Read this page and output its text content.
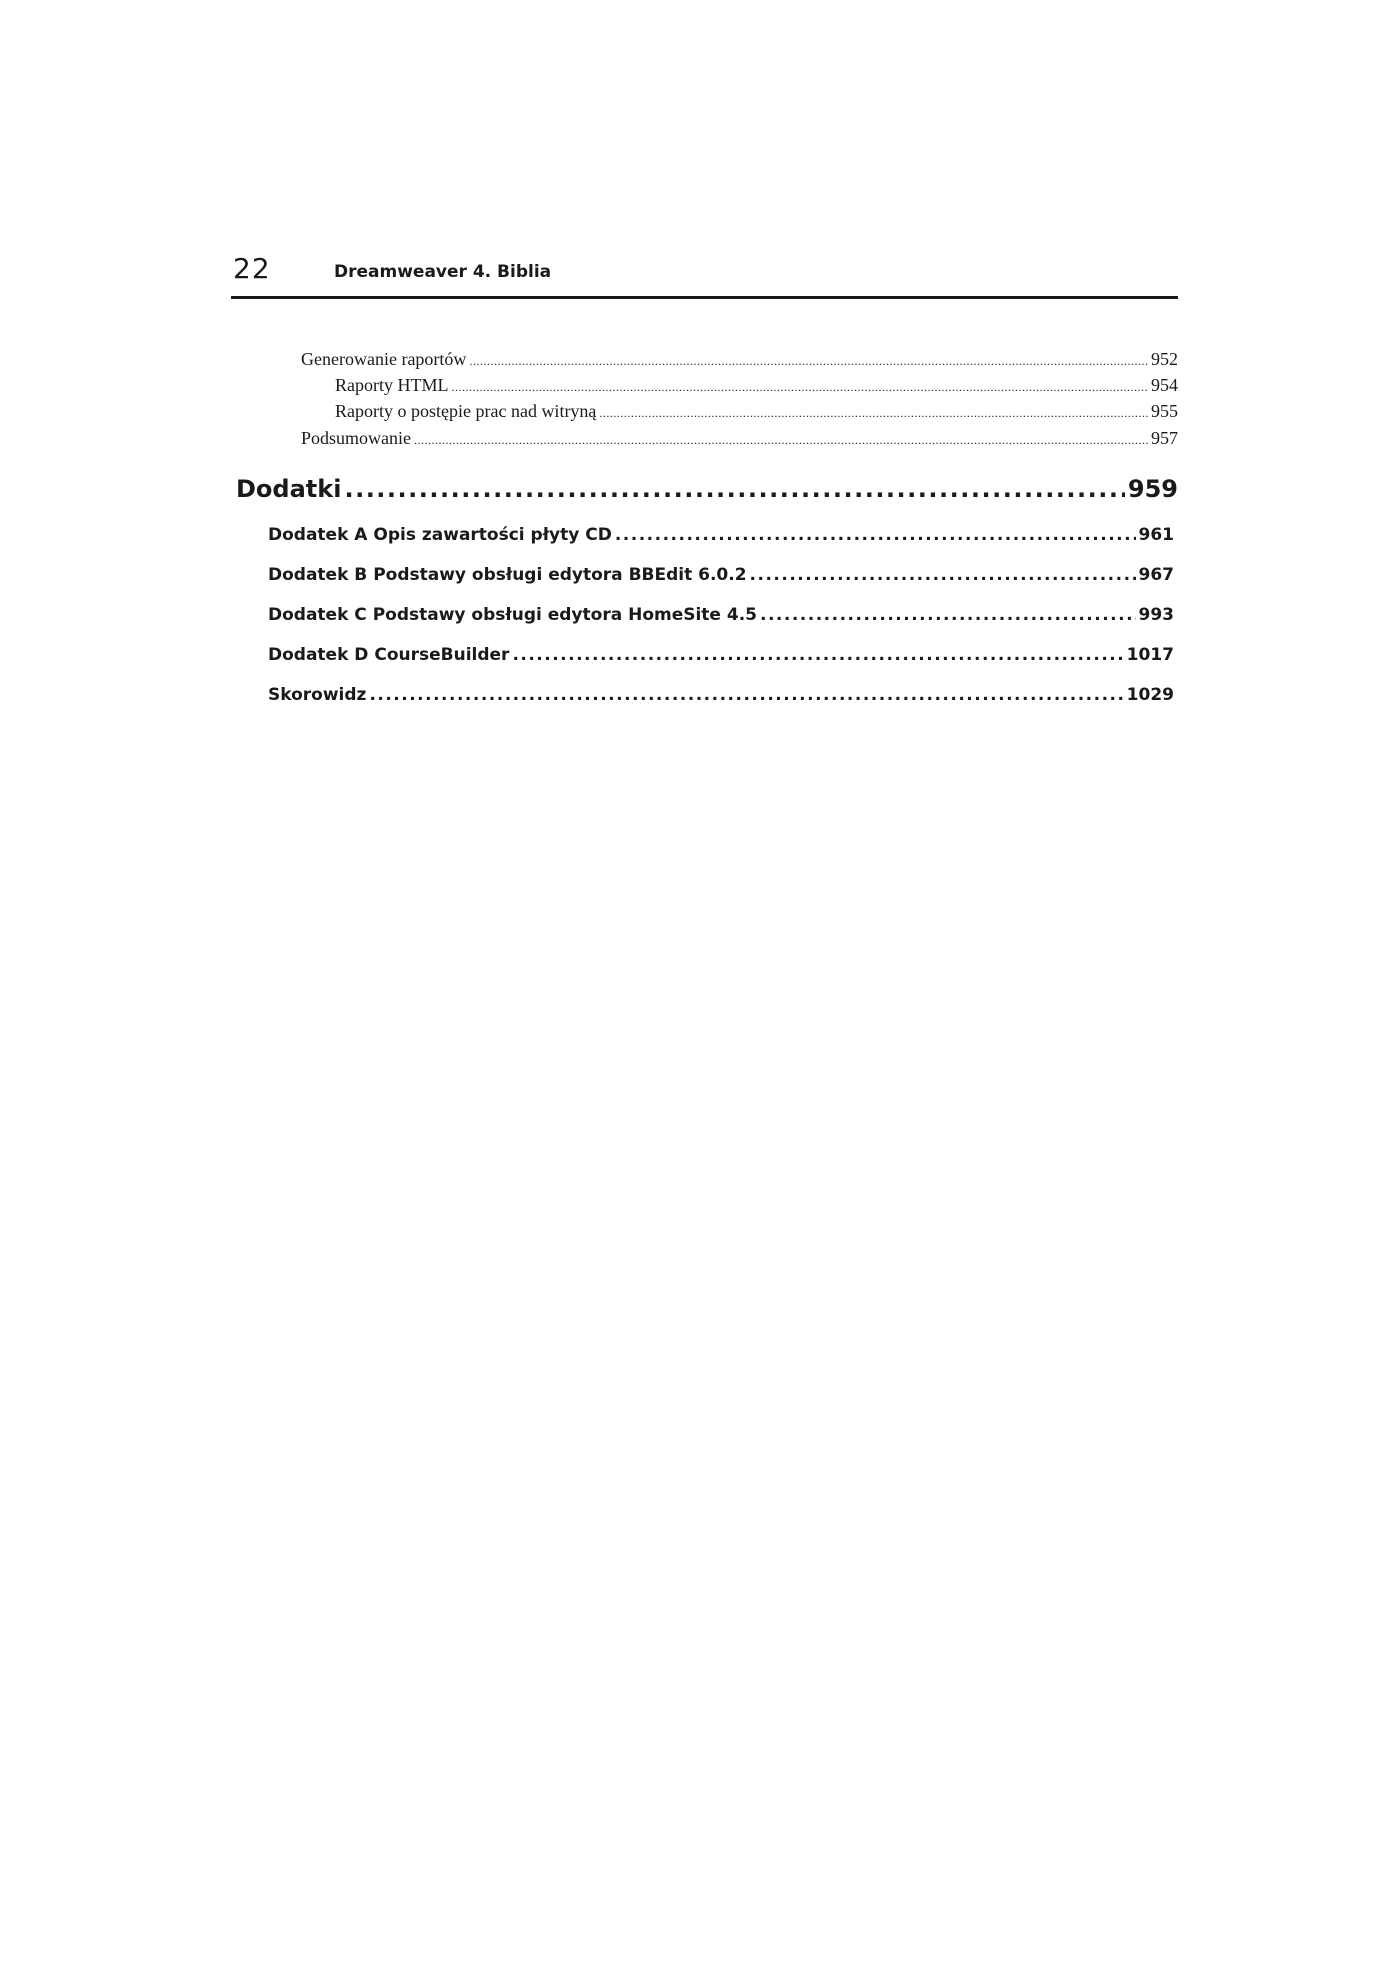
22	Dreamweaver 4. Biblia
Generowanie raportów .....	952
Raporty HTML .....	954
Raporty o postępie prac nad witryną .....	955
Podsumowanie .....	957
Dodatki .....	959
Dodatek A Opis zawartości płyty CD .....	961
Dodatek B Podstawy obsługi edytora BBEdit 6.0.2 .....	967
Dodatek C Podstawy obsługi edytora HomeSite 4.5 .....	993
Dodatek D CourseBuilder .....	1017
Skorowidz .....	1029
